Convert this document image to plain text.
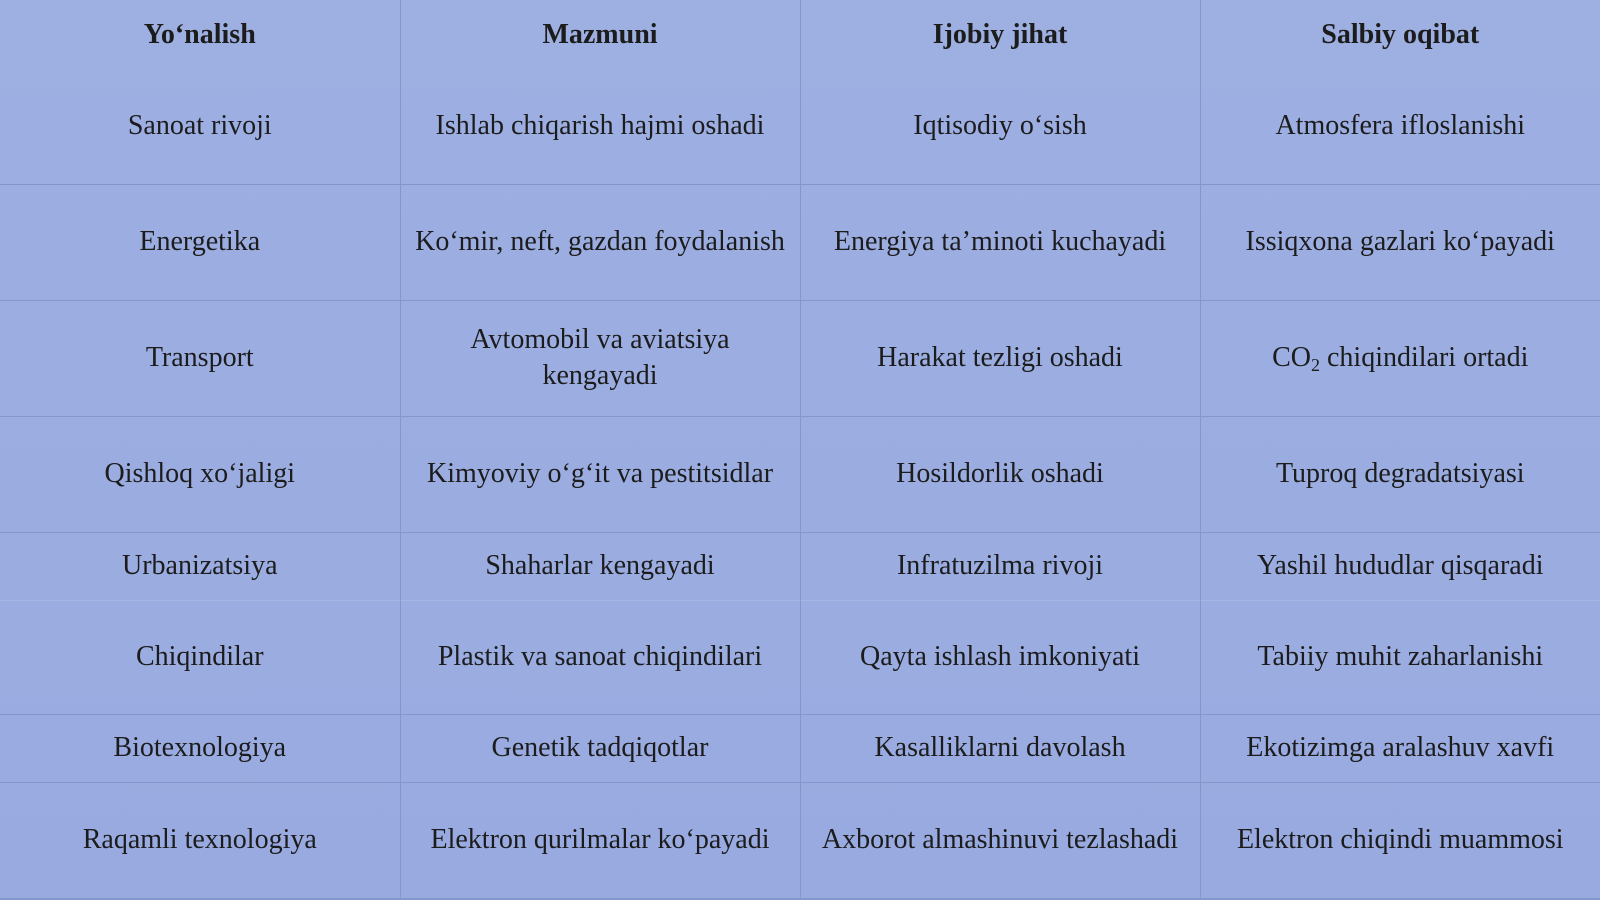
Yo‘nalish	Mazmuni	Ijobiy jihat	Salbiy oqibat
Sanoat rivoji	Ishlab chiqarish hajmi oshadi	Iqtisodiy o‘sish	Atmosfera ifloslanishi
Energetika	Ko‘mir, neft, gazdan foydalanish	Energiya ta’minoti kuchayadi	Issiqxona gazlari ko‘payadi
Transport	Avtomobil va aviatsiya kengayadi	Harakat tezligi oshadi	$CO_2$ chiqindilari ortadi
Qishloq xo‘jaligi	Kimyoviy o‘g‘it va pestitsidlar	Hosildorlik oshadi	Tuproq degradatsiyasi
Urbanizatsiya	Shaharlar kengayadi	Infratuzilma rivoji	Yashil hududlar qisqaradi
Chiqindilar	Plastik va sanoat chiqindilari	Qayta ishlash imkoniyati	Tabiiy muhit zaharlanishi
Biotexnologiya	Genetik tadqiqotlar	Kasalliklarni davolash	Ekotizimga aralashuv xavfi
Raqamli texnologiya	Elektron qurilmalar ko‘payadi	Axborot almashinuvi tezlashadi	Elektron chiqindi muammosi
